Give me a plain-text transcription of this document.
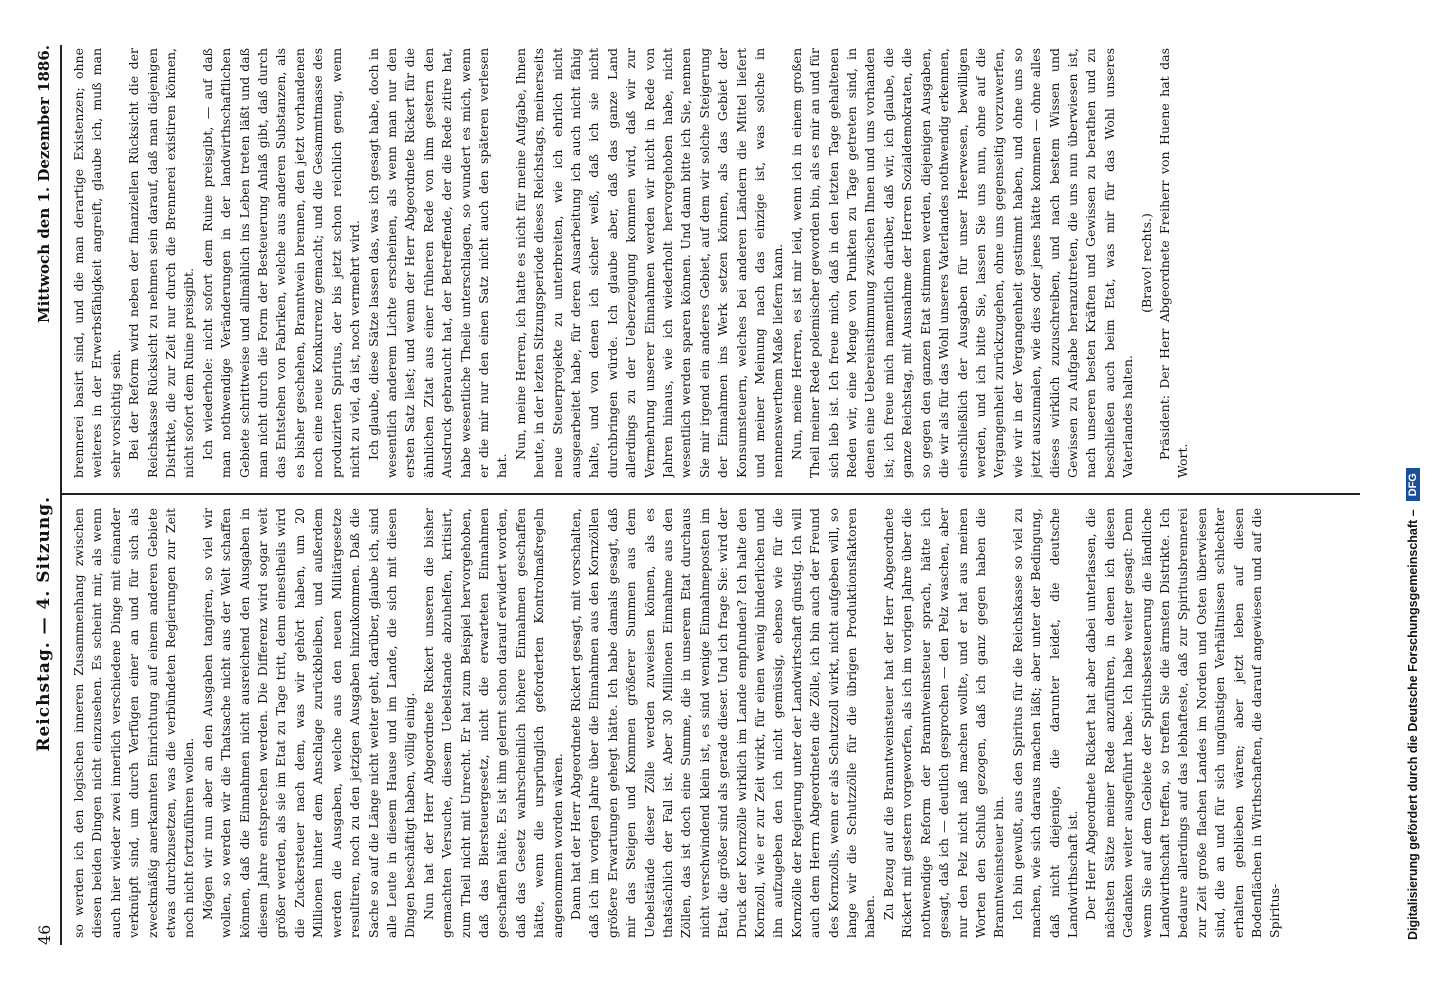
46
Reichstag. — 4. Sitzung.
Mittwoch den 1. Dezember 1886.

so werden ich den logischen inneren Zusammenhang zwischen diesen beiden Dingen nicht einzusehen. Es scheint mir, als wenn auch hier wieder zwei innerlich verschiedene Dinge mit einander verknüpft sind, um durch Verfügen einer an und für sich als zweckmäßig anerkannten Einrichtung auf einem anderen Gebiete etwas durchzusetzen, was die verbündeten Regierungen zur Zeit noch nicht fortzuführen wollen. Mögen wir nun aber an den Ausgaben tangiren, so viel wir wollen, so werden wir die Thatsache nicht aus der Welt schaffen können, daß die Einnahmen nicht ausreichend den Ausgaben in diesem Jahre entsprechen werden. Die Differenz wird sogar weit größer werden, als sie im Etat zu Tage tritt, denn einestheils wird die Zuckersteuer nach dem, was wir gehört haben, um 20 Millionen hinter dem Anschlage zurückbleiben, und außerdem werden die Ausgaben, welche aus den neuen Militärgesetze resultiren, noch zu den jetzigen Ausgaben hinzukommen. Daß die Sache so auf die Länge nicht weiter geht, darüber, glaube ich, sind alle Leute in diesem Hause und im Lande, die sich mit diesen Dingen beschäftigt haben, völlig einig. Nun hat der Herr Abgeordnete Rickert unseren die bisher gemachten Versuche, diesem Uebelstande abzuhelfen, kritisirt, zum Theil nicht mit Unrecht. Er hat zum Beispiel hervorgehoben, daß das Biersteuergesetz, nicht die erwarteten Einnahmen geschaffen hätte. Es ist ihm gelernt schon darauf erwidert worden, daß das Gesetz wahrscheinlich höhere Einnahmen geschaffen hätte, wenn die ursprünglich geforderten Kontrolmaßregeln angenommen worden wären. Dann hat der Herr Abgeordnete Rickert gesagt, mit vorschalten, daß ich im vorigen Jahre über die Einnahmen aus den Kornzöllen größere Erwartungen gehegt hätte. Ich habe damals gesagt, daß mir das Steigen und Kommen größerer Summen aus dem Uebelstände dieser Zölle werden zuweisen können, als es thatsächlich der Fall ist. Aber 30 Millionen Einnahme aus den Zöllen, das ist doch eine Summe, die in unserem Etat durchaus nicht verschwindend klein ist, es sind wenige Einnahmeposten im Etat, die größer sind als gerade dieser. Und ich frage Sie: wird der Druck der Kornzölle wirklich im Lande empfunden? Ich halte den Kornzoll, wie er zur Zeit wirkt, für einen wenig hinderlichen und ihn aufzugeben den ich nicht gemüssig, ebenso wie für die Kornzölle der Regierung unter der Landwirtschaft günstig. Ich will auch dem Herrn Abgeordneten die Zölle, ich bin auch der Freund des Kornzolls, wenn er als Schutzzoll wirkt, nicht aufgeben will, so lange wir die Schutzzölle für die übrigen Produktionsfaktoren haben. Zu Bezug auf die Branntweinsteuer hat der Herr Abgeordnete Rickert mit gestern vorgeworfen, als ich im vorigen Jahre über die nothwendige Reform der Branntweinsteuer sprach, hätte ich gesagt, daß ich — deutlich gesprochen — den Pelz waschen, aber nur den Pelz nicht naß machen wollte, und er hat aus meinen Worten den Schluß gezogen, daß ich ganz gegen haben die Branntweinsteuer bin. Ich bin gewußt, aus den Spiritus für die Reichskasse so viel zu machen, wie sich daraus machen läßt; aber unter der Bedingung, daß nicht diejenige, die darunter leidet, die deutsche Landwirthschaft ist. Der Herr Abgeordnete Rickert hat aber dabei unterlassen, die nächsten Sätze meiner Rede anzuführen, in denen ich diesen Gedanken weiter ausgeführt habe. Ich habe weiter gesagt: Denn wenn Sie auf dem Gebiete der Spiritusbesteuerung die ländliche Landwirthschaft treffen, so treffen Sie die ärmsten Distrikte. Ich bedaure allerdings auf das lebhafteste, daß zur Spiritusbrennerei zur Zeit große flachen Landes im Norden und Osten überwiesen sind, die an und für sich ungünstigen Verhältnissen schlechter erhalten geblieben wären; aber jetzt leben auf diesen Bodenflächen in Wirthschaften, die darauf angewiesen und auf die Spiritus-

brennerei basirt sind, und die man derartige Existenzen; ohne weiteres in der Erwerbsfähigkeit angreift, glaube ich, muß man sehr vorsichtig sein. Bei der Reform wird neben der finanziellen Rücksicht die der Reichskasse Rücksicht zu nehmen sein darauf, daß man diejenigen Distrikte, die zur Zeit nur durch die Brennerei existiren können, nicht sofort dem Ruine preisgibt. Ich wiederhole: nicht sofort dem Ruine preisgibt, — auf daß man nothwendige Veränderungen in der landwirthschaftlichen Gebiete schrittweise und allmählich ins Leben treten läßt und daß man nicht durch die Form der Besteuerung Anlaß gibt, daß durch das Entstehen von Fabriken, welche aus anderen Substanzen, als es bisher geschehen, Branntwein brennen, den jetzt vorhandenen noch eine neue Konkurrenz gemacht; und die Gesammtmasse des produzirten Spiritus, der bis jetzt schon reichlich genug, wenn nicht zu viel, da ist, noch vermehrt wird. Ich glaube, diese Sätze lassen das, was ich gesagt habe, doch in wesentlich anderem Lichte erscheinen, als wenn man nur den ersten Satz liest; und wenn der Herr Abgeordnete Rickert für die ähnlichen Zitat aus einer früheren Rede von ihm gestern den Ausdruck gebraucht hat, der Betreffende, der die Rede zitire hat, habe wesentliche Theile unterschlagen, so wundert es mich, wenn er die mir nur den einen Satz nicht auch den späteren verlesen hat.

Nun, meine Herren, ich hatte es nicht für meine Aufgabe, Ihnen heute, in der lezten Sitzungsperiode dieses Reichstags, meinerseits neue Steuerprojekte zu unterbreiten, wie ich ehrlich nicht ausgearbeitet habe, für deren Ausarbeitung ich auch nicht fähig halte, und von denen ich sicher weiß, daß ich sie nicht durchbringen würde. Ich glaube aber, daß das ganze Land allerdings zu der Ueberzeugung kommen wird, daß wir zur Vermehrung unserer Einnahmen werden wir nicht in Rede von Jahren hinaus, wie ich wiederholt hervorgehoben habe, nicht wesentlich werden sparen können. Und dann bitte ich Sie, nennen Sie mir irgend ein anderes Gebiet, auf dem wir solche Steigerung der Einnahmen ins Werk setzen können, als das Gebiet der Konsumsteuern, welches bei anderen Ländern die Mittel liefert und meiner Meinung nach das einzige ist, was solche in nennenswerthem Maße liefern kann. Nun, meine Herren, es ist mir leid, wenn ich in einem großen Theil meiner Rede polemischer geworden bin, als es mir an und für sich lieb ist. Ich freue mich, daß in den letzten Tage gehaltenen Reden wir, eine Menge von Punkten zu Tage getreten sind, in denen eine Uebereinstimmung zwischen Ihnen und uns vorhanden ist; ich freue mich namentlich darüber, daß wir, ich glaube, die ganze Reichstag, mit Ausnahme der Herren Sozialdemokraten, die so gegen den ganzen Etat stimmen werden, diejenigen Ausgaben, die wir als für das Wohl unseres Vaterlandes nothwendig erkennen, einschließlich der Ausgaben für unser Heerwesen, bewilligen werden, und ich bitte Sie, lassen Sie uns nun, ohne auf die Vergangenheit zurückzugehen, ohne uns gegenseitig vorzuwerfen, wie wir in der Vergangenheit gestimmt haben, und ohne uns so jetzt auszumalen, wie dies oder jenes hätte kommen — ohne alles dieses wirklich zuzuschreiben, und nach bestem Wissen und Gewissen zu Aufgabe heranzutreten, die uns nun überwiesen ist, nach unseren besten Kräften und Gewissen zu berathen und zu beschließen auch beim Etat, was mir für das Wohl unseres Vaterlandes halten.

(Bravo! rechts.) Präsident: Der Herr Abgeordnete Freiherr von Huene hat das Wort.

Digitalisierung gefördert durch die Deutsche Forschungsgemeinschaft –
DFG
